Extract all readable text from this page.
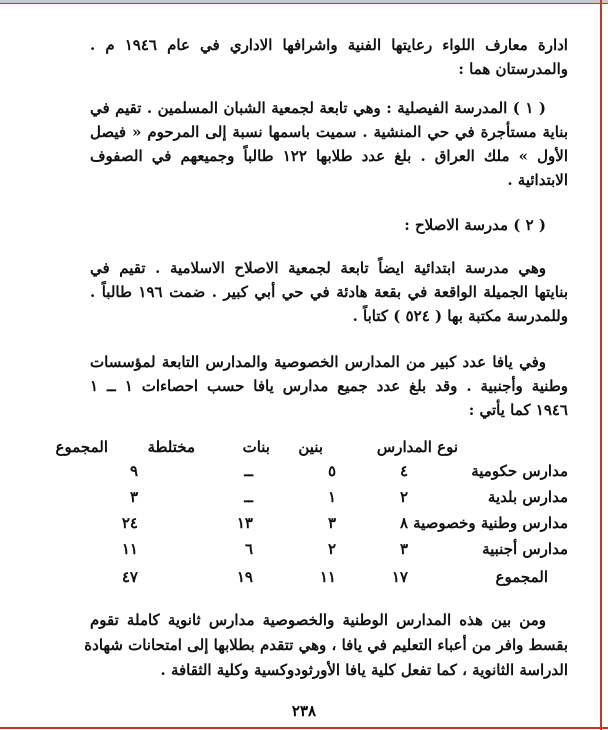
ادارة معارف اللواء رعايتها الفنية واشرافها الاداري في عام ١٩٤٦ م .
والمدرستان هما :
( ١ ) المدرسة الفيصلية : وهي تابعة لجمعية الشبان المسلمين . تقيم في
بناية مستأجرة في حي المنشية . سميت باسمها نسبة إلى المرحوم « فيصل
الأول » ملك العراق . بلغ عدد طلابها ١٢٢ طالباً وجميعهم في الصفوف
الابتدائية .
( ٢ ) مدرسة الاصلاح :
وهي مدرسة ابتدائية ايضاً تابعة لجمعية الاصلاح الاسلامية . تقيم في
بنايتها الجميلة الواقعة في بقعة هادئة في حي أبي كبير . ضمت ١٩٦ طالباً .
وللمدرسة مكتبة بها ( ٥٢٤ ) كتاباً .
وفي يافا عدد كبير من المدارس الخصوصية والمدارس التابعة لمؤسسات
وطنية وأجنبية . وقد بلغ عدد جميع مدارس يافا حسب احصاءات ١ ــ ١
١٩٤٦ كما يأتي :
نوع المدارس
بنين
بنات
مختلطة
المجموع
مدارس حكومية
٤
٥
ــ
٩
مدارس بلدية
٢
١
ــ
٣
مدارس وطنية وخصوصية
٨
٣
١٣
٢٤
مدارس أجنبية
٣
٢
٦
١١
المجموع
١٧
١١
١٩
٤٧
ومن بين هذه المدارس الوطنية والخصوصية مدارس ثانوية كاملة تقوم
بقسط وافر من أعباء التعليم في يافا ، وهي تتقدم بطلابها إلى امتحانات شهادة
الدراسة الثانوية ، كما تفعل كلية يافا الأورثودوكسية وكلية الثقافة .
٢٣٨
